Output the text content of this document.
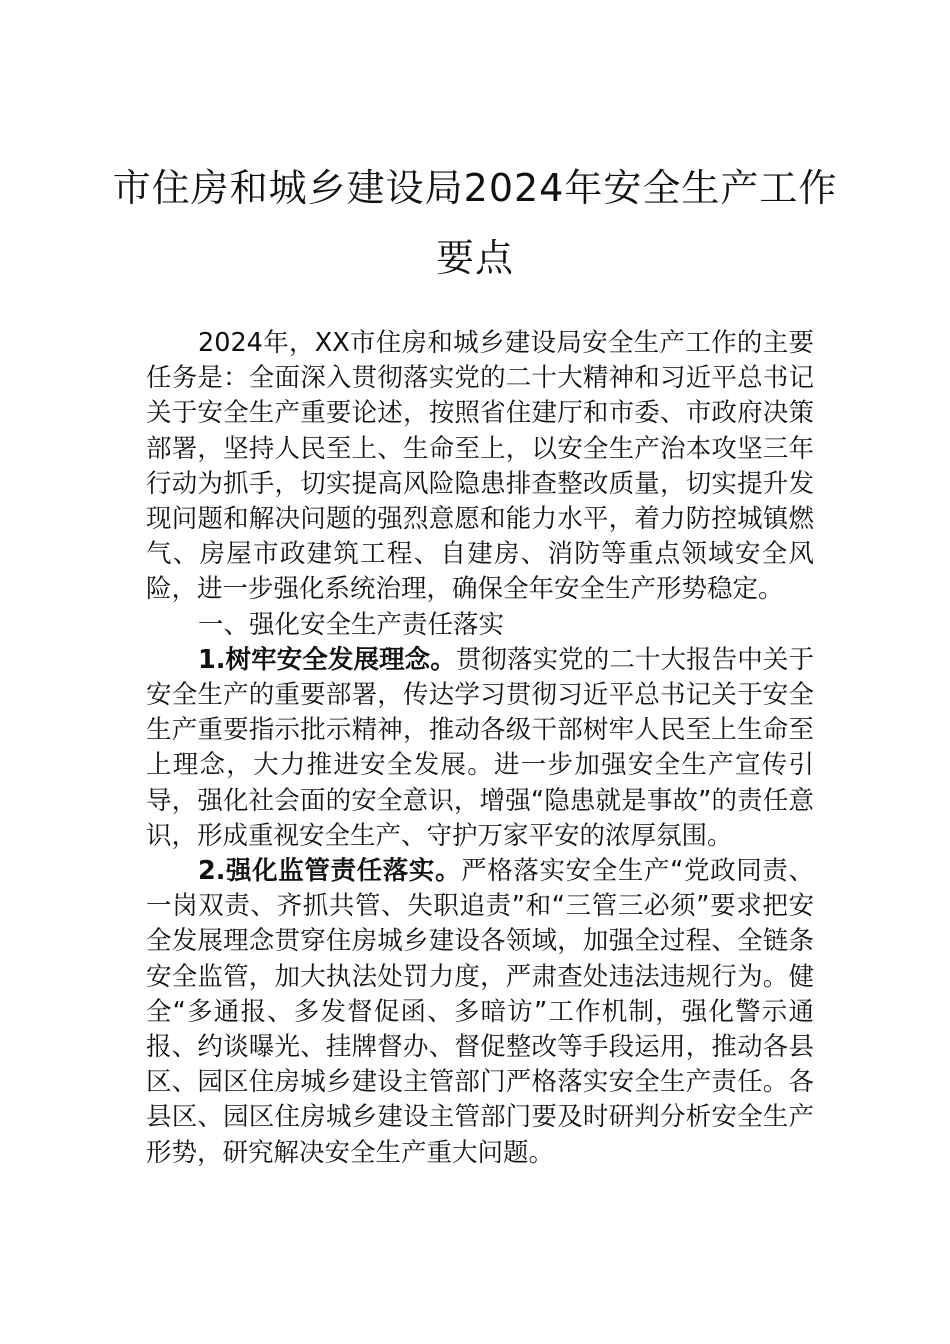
市住房和城乡建设局2024年安全生产工作
要点

2024年，XX市住房和城乡建设局安全生产工作的主要任务是：全面深入贯彻落实党的二十大精神和习近平总书记关于安全生产重要论述，按照省住建厅和市委、市政府决策部署，坚持人民至上、生命至上，以安全生产治本攻坚三年行动为抓手，切实提高风险隐患排查整改质量，切实提升发现问题和解决问题的强烈意愿和能力水平，着力防控城镇燃气、房屋市政建筑工程、自建房、消防等重点领域安全风险，进一步强化系统治理，确保全年安全生产形势稳定。

一、强化安全生产责任落实

1.树牢安全发展理念。贯彻落实党的二十大报告中关于安全生产的重要部署，传达学习贯彻习近平总书记关于安全生产重要指示批示精神，推动各级干部树牢人民至上生命至上理念，大力推进安全发展。进一步加强安全生产宣传引导，强化社会面的安全意识，增强“隐患就是事故”的责任意识，形成重视安全生产、守护万家平安的浓厚氛围。

2.强化监管责任落实。严格落实安全生产“党政同责、一岗双责、齐抓共管、失职追责”和“三管三必须”要求把安全发展理念贯穿住房城乡建设各领域，加强全过程、全链条安全监管，加大执法处罚力度，严肃查处违法违规行为。健全“多通报、多发督促函、多暗访”工作机制，强化警示通报、约谈曝光、挂牌督办、督促整改等手段运用，推动各县区、园区住房城乡建设主管部门严格落实安全生产责任。各县区、园区住房城乡建设主管部门要及时研判分析安全生产形势，研究解决安全生产重大问题。
